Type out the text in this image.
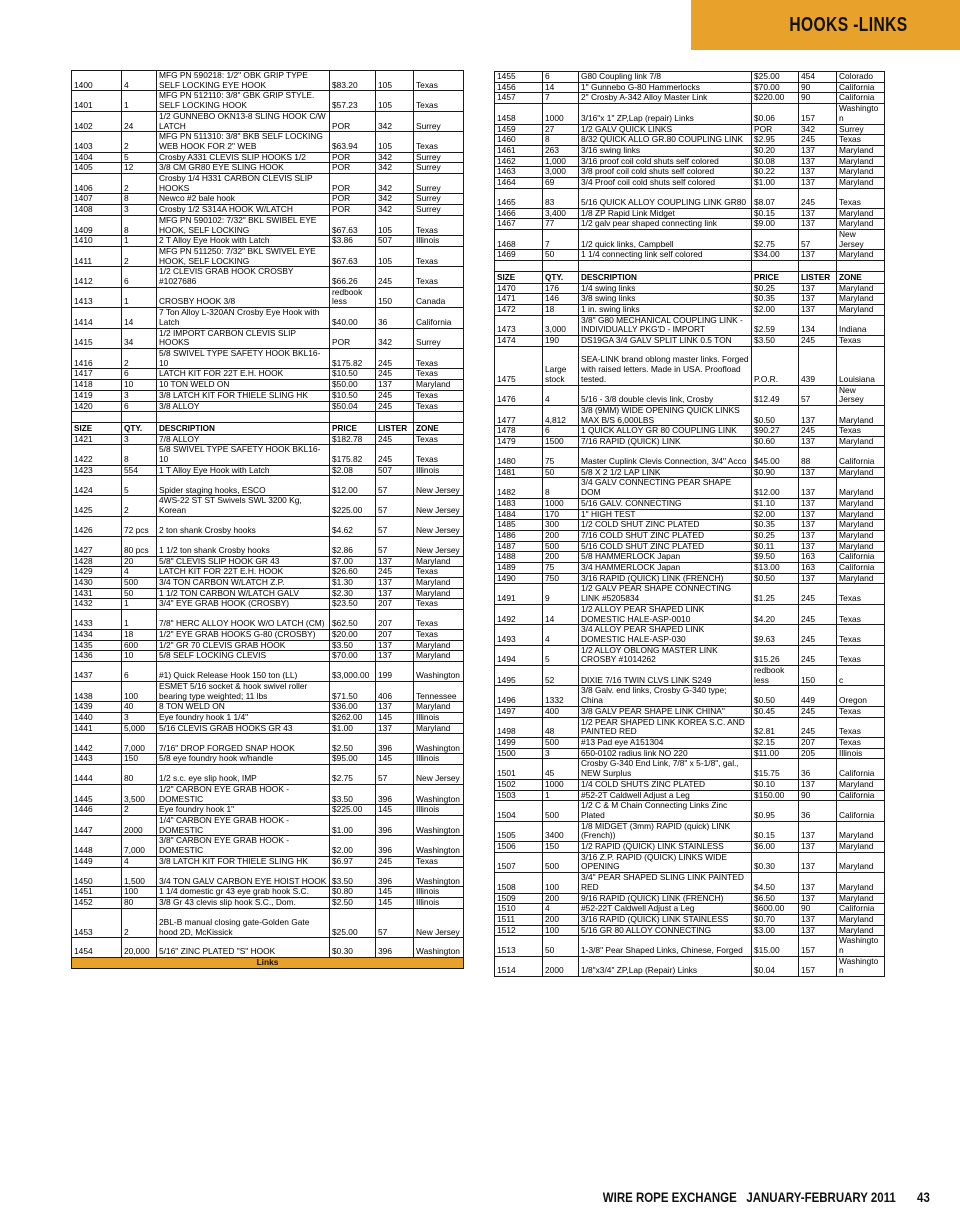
HOOKS -LINKS
1400	4	MFG PN 590218: 1/2" OBK GRIP TYPE SELF LOCKING EYE HOOK	$83.20	105	Texas
1401	1	MFG PN 512110: 3/8" GBK GRIP STYLE. SELF LOCKING HOOK	$57.23	105	Texas
1402	24	1/2 GUNNEBO OKN13-8 SLING HOOK C/W LATCH	POR	342	Surrey
1403	2	MFG PN 511310: 3/8" BKB SELF LOCKING WEB HOOK FOR 2" WEB	$63.94	105	Texas
1404	5	Crosby A331 CLEVIS SLIP HOOKS 1/2	POR	342	Surrey
1405	12	3/8 CM GR80 EYE SLING HOOK	POR	342	Surrey
1406	2	Crosby 1/4 H331 CARBON CLEVIS SLIP HOOKS	POR	342	Surrey
1407	8	Newco #2 bale hook	POR	342	Surrey
1408	3	Crosby 1/2 S314A HOOK W/LATCH	POR	342	Surrey
1409	8	MFG PN 590102: 7/32" BKL SWIBEL EYE HOOK, SELF LOCKING	$67.63	105	Texas
1410	1	2 T Alloy Eye Hook with Latch	$3.86	507	Illinois
1411	2	MFG PN 511250: 7/32" BKL SWIVEL EYE HOOK, SELF LOCKING	$67.63	105	Texas
1412	6	1/2 CLEVIS GRAB HOOK CROSBY #1027686	$66.26	245	Texas
1413	1	CROSBY HOOK 3/8	redbook less	150	Canada
1414	14	7 Ton Alloy L-320AN Crosby Eye Hook with Latch	$40.00	36	California
1415	34	1/2 IMPORT CARBON CLEVIS SLIP HOOKS	POR	342	Surrey
1416	2	5/8 SWIVEL TYPE SAFETY HOOK BKL16-10	$175.82	245	Texas
1417	6	LATCH KIT FOR 22T E.H. HOOK	$10.50	245	Texas
1418	10	10 TON WELD ON	$50.00	137	Maryland
1419	3	3/8 LATCH KIT FOR THIELE SLING HK	$10.50	245	Texas
1420	6	3/8 ALLOY	$50.04	245	Texas

SIZE	QTY.	DESCRIPTION	PRICE	LISTER	ZONE
1421	3	7/8 ALLOY	$182.78	245	Texas
1422	8	5/8 SWIVEL TYPE SAFETY HOOK BKL16-10	$175.82	245	Texas
1423	554	1 T Alloy Eye Hook with Latch	$2.08	507	Illinois
1424	5	Spider staging hooks, ESCO	$12.00	57	New Jersey
1425	2	4WS-22 ST ST Swivels SWL 3200 Kg, Korean	$225.00	57	New Jersey
1426	72 pcs	2 ton shank Crosby hooks	$4.62	57	New Jersey
1427	80 pcs	1 1/2 ton shank Crosby hooks	$2.86	57	New Jersey
1428	20	5/8" CLEVIS SLIP HOOK GR 43	$7.00	137	Maryland
1429	4	LATCH KIT FOR 22T E.H. HOOK	$26.60	245	Texas
1430	500	3/4 TON CARBON W/LATCH Z.P.	$1.30	137	Maryland
1431	50	1 1/2 TON CARBON W/LATCH GALV	$2.30	137	Maryland
1432	1	3/4" EYE GRAB HOOK (CROSBY)	$23.50	207	Texas
1433	1	7/8" HERC ALLOY HOOK W/O LATCH (CM)	$62.50	207	Texas
1434	18	1/2" EYE GRAB HOOKS G-80 (CROSBY)	$20.00	207	Texas
1435	600	1/2" GR 70 CLEVIS GRAB HOOK	$3.50	137	Maryland
1436	10	5/8 SELF LOCKING CLEVIS	$70.00	137	Maryland
1437	6	#1) Quick Release Hook 150 ton (LL)	$3,000.00	199	Washington
1438	100	ESMET 5/16 socket & hook swivel roller bearing type weighted; 11 lbs	$71.50	406	Tennessee
1439	40	8 TON WELD ON	$36.00	137	Maryland
1440	3	Eye foundry hook 1 1/4"	$262.00	145	Illinois
1441	5,000	5/16 CLEVIS GRAB HOOKS GR 43	$1.00	137	Maryland
1442	7,000	7/16" DROP FORGED SNAP HOOK	$2.50	396	Washington
1443	150	5/8 eye foundry hook w/handle	$95.00	145	Illinois
1444	80	1/2 s.c. eye slip hook, IMP	$2.75	57	New Jersey
1445	3,500	1/2" CARBON EYE GRAB HOOK - DOMESTIC	$3.50	396	Washington
1446	2	Eye foundry hook 1"	$225.00	145	Illinois
1447	2000	1/4" CARBON EYE GRAB HOOK - DOMESTIC	$1.00	396	Washington
1448	7,000	3/8" CARBON EYE GRAB HOOK - DOMESTIC	$2.00	396	Washington
1449	4	3/8 LATCH KIT FOR THIELE SLING HK	$6.97	245	Texas
1450	1,500	3/4 TON GALV CARBON EYE HOIST HOOK	$3.50	396	Washington
1451	100	1 1/4 domestic gr 43 eye grab hook S.C.	$0.80	145	Illinois
1452	80	3/8 Gr 43 clevis slip hook S.C., Dom.	$2.50	145	Illinois
1453	2	2BL-B manual closing gate-Golden Gate hood 2D, McKissick	$25.00	57	New Jersey
1454	20,000	5/16" ZINC PLATED "S" HOOK	$0.30	396	Washington
Links					
1455	6	G80 Coupling link 7/8	$25.00	454	Colorado
1456	14	1" Gunnebo G-80 Hammerlocks	$70.00	90	California
1457	7	2" Crosby A-342 Alloy Master Link	$220.00	90	California
1458	1000	3/16"x 1" ZP,Lap (repair) Links	$0.06	157	Washington
1459	27	1/2 GALV QUICK LINKS	POR	342	Surrey
1460	8	8/32 QUICK ALLO GR.80 COUPLING LINK	$2.95	245	Texas
1461	263	3/16 swing links	$0.20	137	Maryland
1462	1,000	3/16 proof coil cold shuts self colored	$0.08	137	Maryland
1463	3,000	3/8 proof coil cold shuts self colored	$0.22	137	Maryland
1464	69	3/4 Proof coil cold shuts self colored	$1.00	137	Maryland
1465	83	5/16 QUICK ALLOY COUPLING LINK GR80	$8.07	245	Texas
1466	3,400	1/8 ZP Rapid Link Midget	$0.15	137	Maryland
1467	77	1/2 galv pear shaped connecting link	$9.00	137	Maryland
1468	7	1/2 quick links, Campbell	$2.75	57	New Jersey
1469	50	1 1/4 connecting link self colored	$34.00	137	Maryland

SIZE	QTY.	DESCRIPTION	PRICE	LISTER	ZONE
1470	176	1/4 swing links	$0.25	137	Maryland
1471	146	3/8 swing links	$0.35	137	Maryland
1472	18	1 in. swing links	$2.00	137	Maryland
1473	3,000	3/8" G80 MECHANICAL COUPLING LINK - INDIVIDUALLY PKG'D - IMPORT	$2.59	134	Indiana
1474	190	DS19GA 3/4 GALV SPLIT LINK 0.5 TON	$3.50	245	Texas
1475	Large stock	SEA-LINK brand oblong master links. Forged with raised letters. Made in USA. Proofload tested.	P.O.R.	439	Louisiana
1476	4	5/16 - 3/8 double clevis link, Crosby	$12.49	57	New Jersey
1477	4,812	3/8 (9MM) WIDE OPENING QUICK LINKS MAX B/S 6,000LBS	$0.50	137	Maryland
1478	6	1 QUICK ALLOY GR 80 COUPLING LINK	$90.27	245	Texas
1479	1500	7/16 RAPID (QUICK) LINK	$0.60	137	Maryland
1480	75	Master Cuplink Clevis Connection, 3/4" Acco	$45.00	88	California
1481	50	5/8 X 2 1/2 LAP LINK	$0.90	137	Maryland
1482	8	3/4 GALV CONNECTING PEAR SHAPE DOM	$12.00	137	Maryland
1483	1000	5/16 GALV. CONNECTING	$1.10	137	Maryland
1484	170	1" HIGH TEST	$2.00	137	Maryland
1485	300	1/2 COLD SHUT ZINC PLATED	$0.35	137	Maryland
1486	200	7/16 COLD SHUT ZINC PLATED	$0.25	137	Maryland
1487	500	5/16 COLD SHUT ZINC PLATED	$0.11	137	Maryland
1488	200	5/8 HAMMERLOCK Japan	$9.50	163	California
1489	75	3/4 HAMMERLOCK Japan	$13.00	163	California
1490	750	3/16 RAPID (QUICK) LINK (FRENCH)	$0.50	137	Maryland
1491	9	1/2 GALV PEAR SHAPE CONNECTING LINK #5205834	$1.25	245	Texas
1492	14	1/2 ALLOY PEAR SHAPED LINK DOMESTIC HALE-ASP-0010	$4.20	245	Texas
1493	4	3/4 ALLOY PEAR SHAPED LINK DOMESTIC HALE-ASP-030	$9.63	245	Texas
1494	5	1/2 ALLOY OBLONG MASTER LINK CROSBY #1014262	$15.26	245	Texas
1495	52	DIXIE 7/16 TWIN CLVS LINK S249	redbook less	150	c
1496	1332	3/8 Galv. end links, Crosby G-340 type; China	$0.50	449	Oregon
1497	400	3/8 GALV PEAR SHAPE LINK CHINA"	$0.45	245	Texas
1498	48	1/2 PEAR SHAPED LINK KOREA S.C. AND PAINTED RED	$2.81	245	Texas
1499	500	#13 Pad eye A151304	$2.15	207	Texas
1500	3	650-0102 radius link NO 220	$11.00	205	Illinois
1501	45	Crosby G-340 End Link, 7/8" x 5-1/8", gal., NEW Surplus	$15.75	36	California
1502	1000	1/4 COLD SHUTS ZINC PLATED	$0.10	137	Maryland
1503	1	#52-2T Caldwell Adjust a Leg	$150.00	90	California
1504	500	1/2 C & M Chain Connecting Links Zinc Plated	$0.95	36	California
1505	3400	1/8 MIDGET (3mm) RAPID (quick) LINK (French))	$0.15	137	Maryland
1506	150	1/2 RAPID (QUICK) LINK STAINLESS	$6.00	137	Maryland
1507	500	3/16 Z.P. RAPID (QUICK) LINKS WIDE OPENING	$0.30	137	Maryland
1508	100	3/4" PEAR SHAPED SLING LINK PAINTED RED	$4.50	137	Maryland
1509	200	9/16 RAPID (QUICK) LINK (FRENCH)	$6.50	137	Maryland
1510	4	#52-22T Caldwell Adjust a Leg	$600.00	90	California
1511	200	3/16 RAPID (QUICK) LINK STAINLESS	$0.70	137	Maryland
1512	100	5/16 GR 80 ALLOY CONNECTING	$3.00	137	Maryland
1513	50	1-3/8" Pear Shaped Links, Chinese, Forged	$15.00	157	Washington
1514	2000	1/8"x3/4" ZP,Lap (Repair) Links	$0.04	157	Washington
WIRE ROPE EXCHANGE JANUARY-FEBRUARY 2011 43
